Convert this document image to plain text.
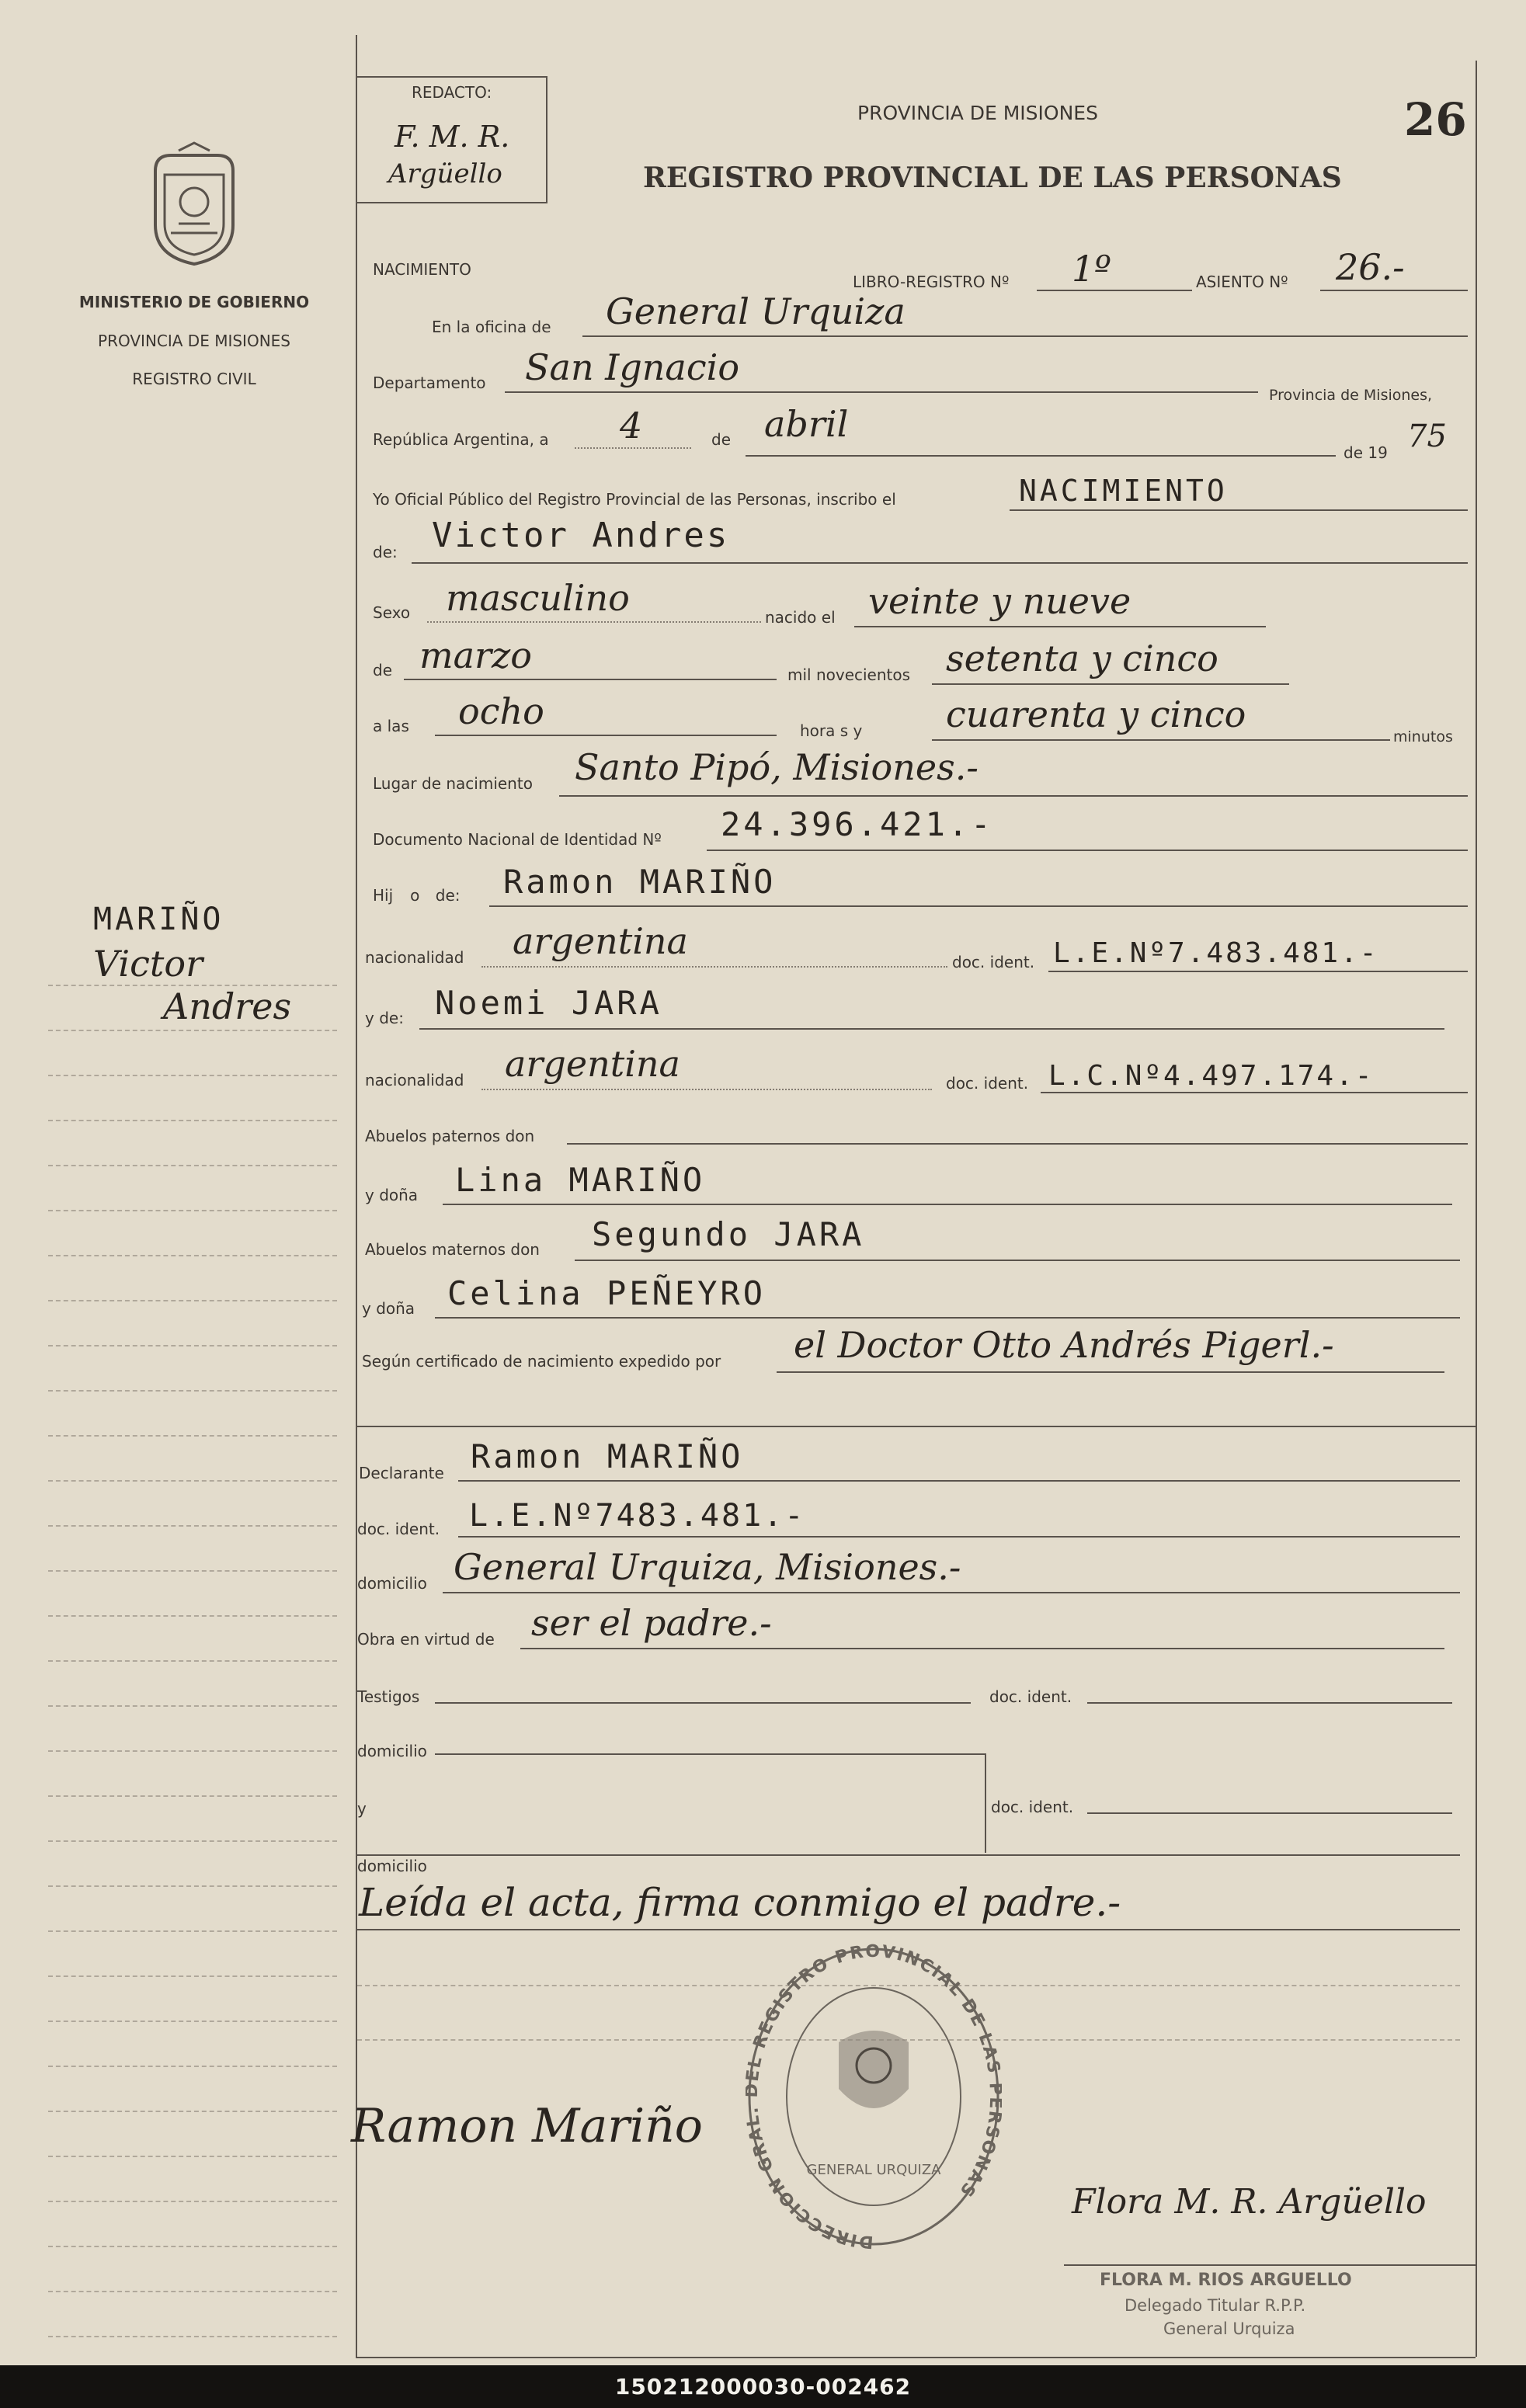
MINISTERIO DE GOBIERNO
PROVINCIA DE MISIONES
REGISTRO CIVIL
MARIÑO
Victor
Andres
REDACTO:
F. M. R.
Argüello
PROVINCIA DE MISIONES
REGISTRO PROVINCIAL DE LAS PERSONAS
26
NACIMIENTO
LIBRO-REGISTRO Nº 1º	ASIENTO Nº 26.-
En la oficina de General Urquiza
Departamento San Ignacio
Provincia de Misiones,
República Argentina, a 4	de abril
de 19 75
Yo Oficial Público del Registro Provincial de las Personas, inscribo el	NACIMIENTO
de: Victor Andres
Sexo masculino	nacido el veinte y nueve
de marzo	mil novecientos setenta y cinco
a las ocho	hora s y cuarenta y cinco
minutos
Lugar de nacimiento Santo Pipó, Misiones.-
Documento Nacional de Identidad Nº 24.396.421.-
Hij o de: Ramon MARIÑO
nacionalidad argentina	doc. ident. L.E.Nº7.483.481.-
y de: Noemi JARA
nacionalidad argentina	doc. ident. L.C.Nº4.497.174.-
Abuelos paternos don
y doña Lina MARIÑO
Abuelos maternos don Segundo JARA
y doña Celina PEÑEYRO
Según certificado de nacimiento expedido por el Doctor Otto Andrés Pigerl.-
Declarante Ramon MARIÑO
doc. ident. L.E.Nº7483.481.-
domicilio General Urquiza, Misiones.-
Obra en virtud de ser el padre.-
Testigos	doc. ident.
domicilio
y	doc. ident.
domicilio
Leída el acta, firma conmigo el padre.-
Ramon Mariño
DIRECCION GRA L REGISTRO PROVINCIAL DE LAS SONAS
GENERAL URQUIZA
Flora M. R. Argüello
FLORA M. RIOS ARGUELLO
Delegado Titular R.P.P.
General Urquiza
150212000030-002462
